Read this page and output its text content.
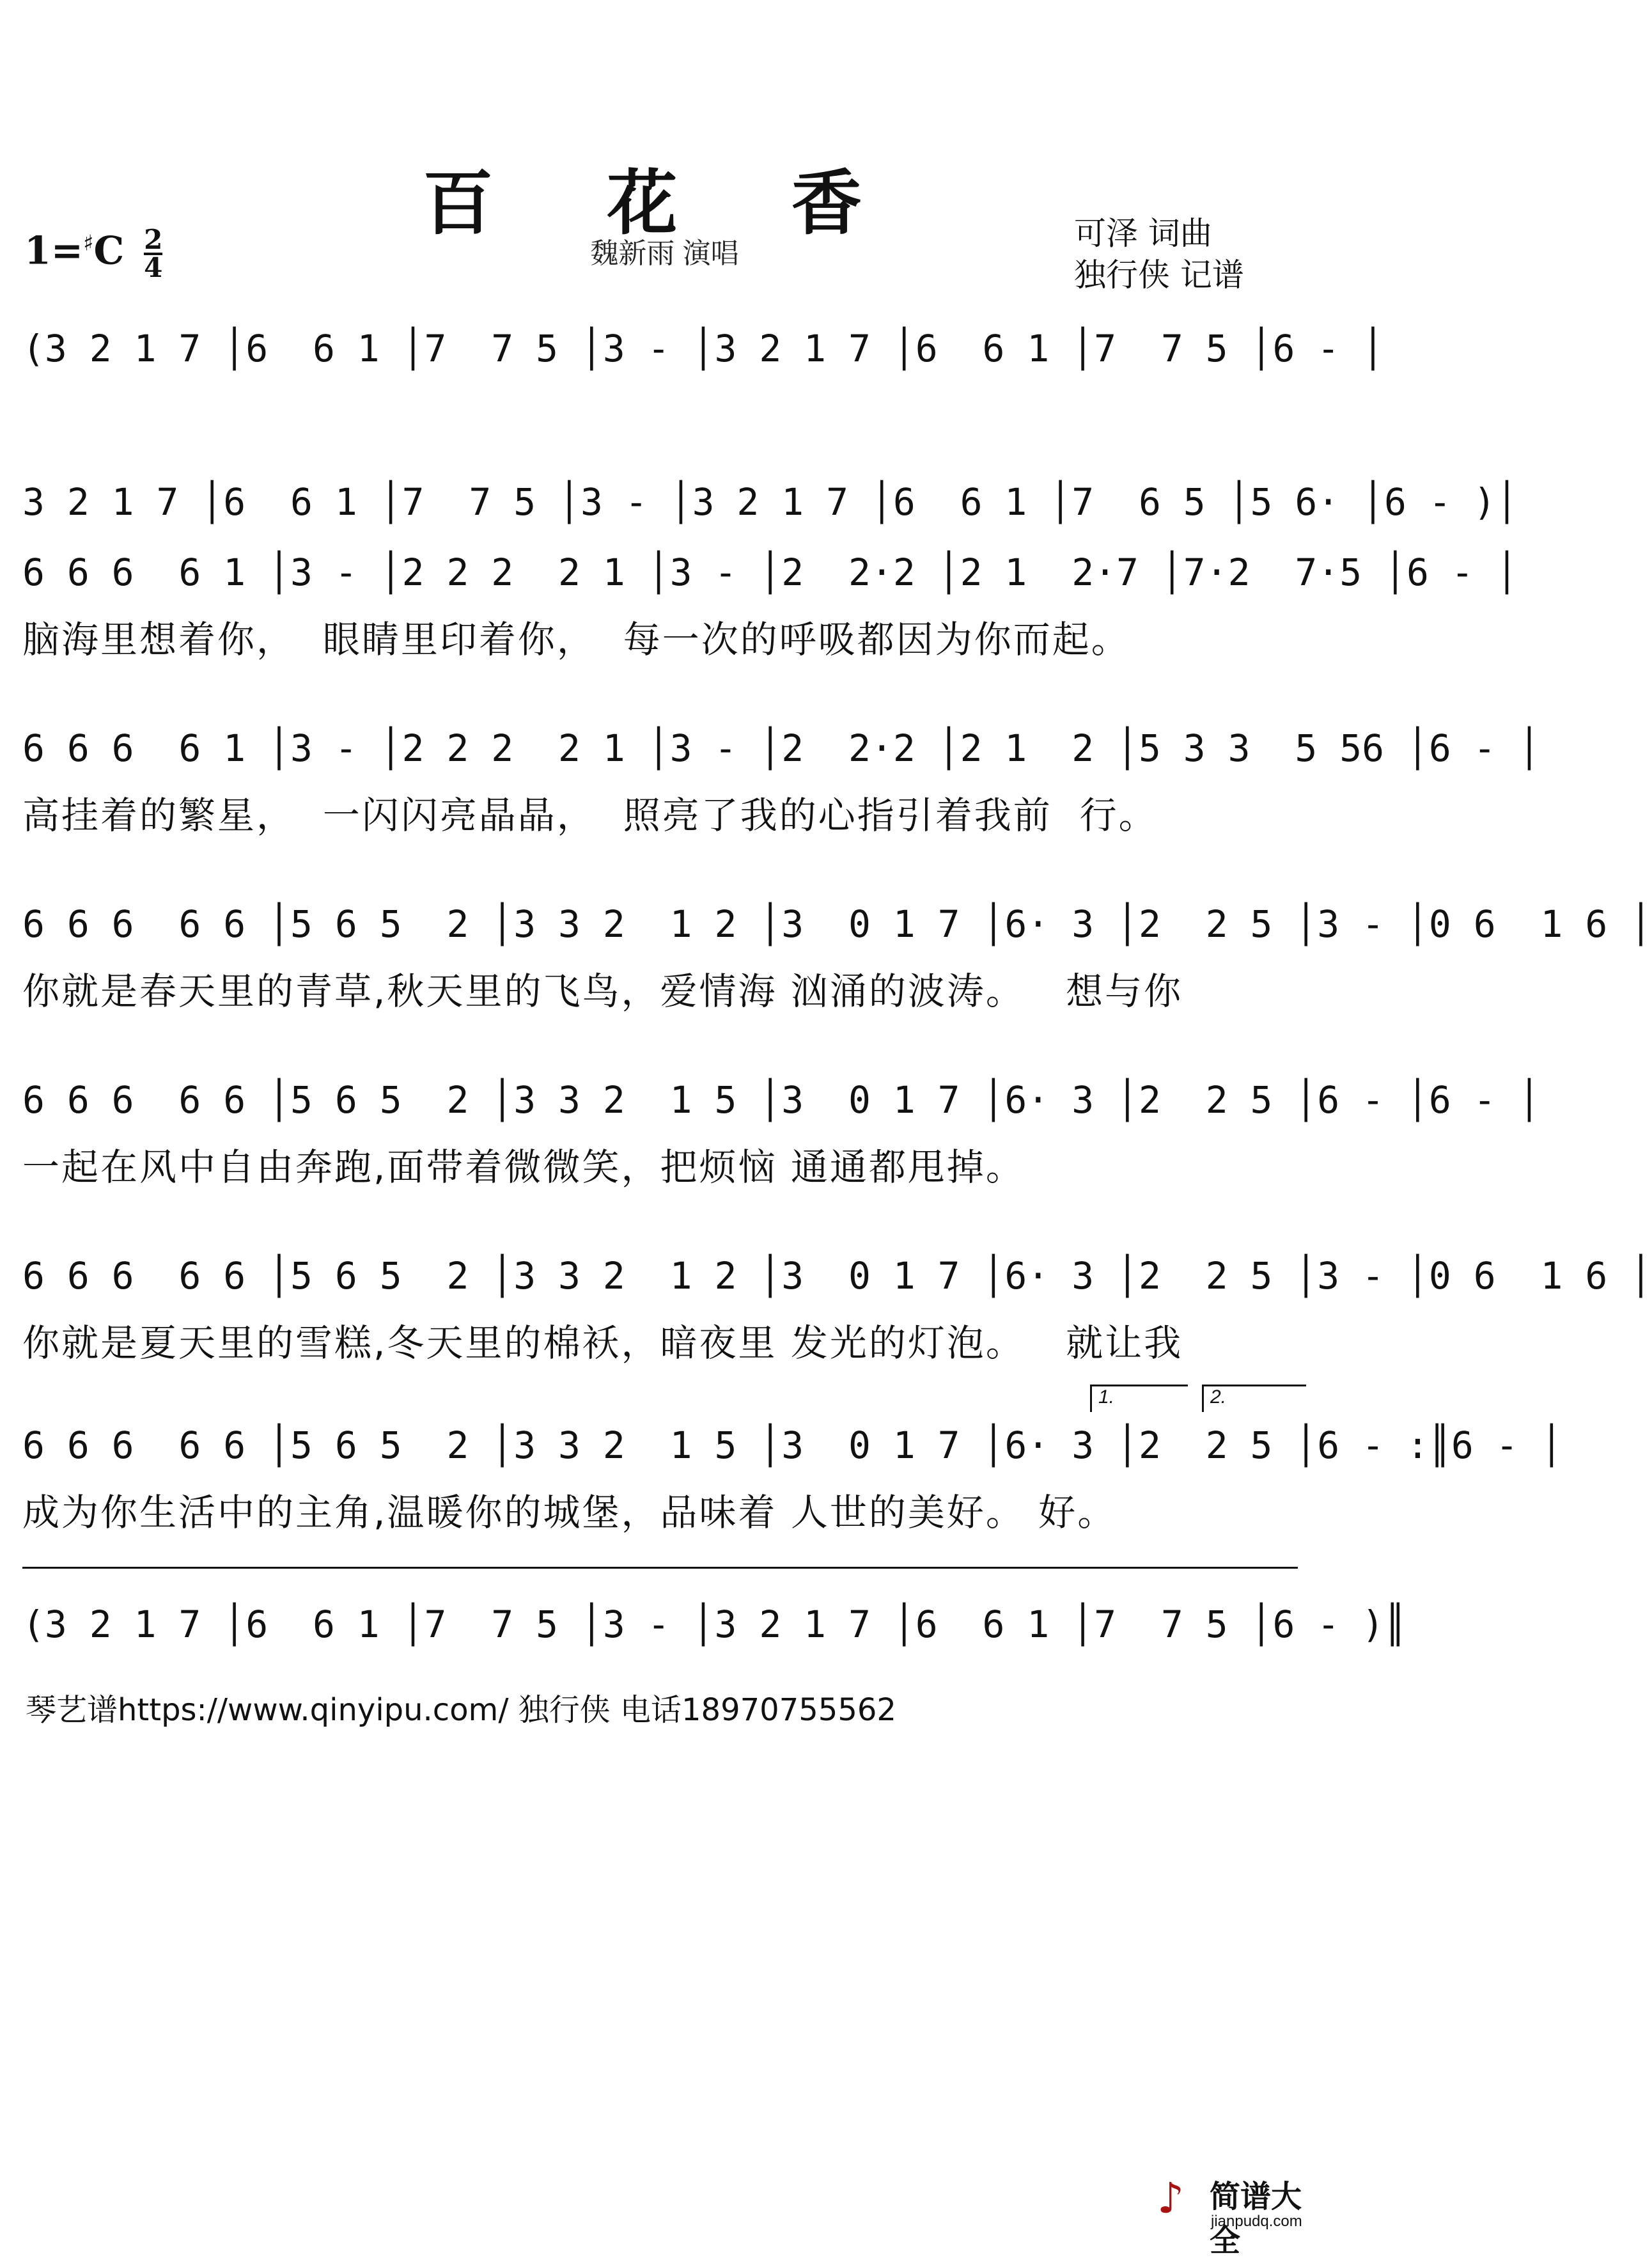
百 花 香
魏新雨 演唱
$1=^♯C \frac{2}{4}$	可泽 词曲
独行侠 记谱
(3 2 1 7 │6  6 1 │7  7 5 │3 - │3 2 1 7 │6  6 1 │7  7 5 │6 - │
3 2 1 7 │6  6 1 │7  7 5 │3 - │3 2 1 7 │6  6 1 │7  6 5 │5 6· │6 - )│
6 6 6  6 1 │3 - │2 2 2  2 1 │3 - │2  2·2 │2 1  2·7 │7·2  7·5 │6 - │
脑海里想着你，  眼睛里印着你，  每一次的呼吸都因为你而起。
6 6 6  6 1 │3 - │2 2 2  2 1 │3 - │2  2·2 │2 1  2 │5 3 3  5 56 │6 - │
高挂着的繁星，  一闪闪亮晶晶，  照亮了我的心指引着我前  行。
6 6 6  6 6 │5 6 5  2 │3 3 2  1 2 │3  0 1 7 │6· 3 │2  2 5 │3 - │0 6  1 6 │
你就是春天里的青草,秋天里的飞鸟，爱情海 汹涌的波涛。   想与你
6 6 6  6 6 │5 6 5  2 │3 3 2  1 5 │3  0 1 7 │6· 3 │2  2 5 │6 - │6 - │
一起在风中自由奔跑,面带着微微笑，把烦恼 通通都甩掉。
6 6 6  6 6 │5 6 5  2 │3 3 2  1 2 │3  0 1 7 │6· 3 │2  2 5 │3 - │0 6  1 6 │
你就是夏天里的雪糕,冬天里的棉袄，暗夜里 发光的灯泡。   就让我
1.	2.
6 6 6  6 6 │5 6 5  2 │3 3 2  1 5 │3  0 1 7 │6· 3 │2  2 5 │6 - :║6 - │
成为你生活中的主角,温暖你的城堡，品味着 人世的美好。 好。
(3 2 1 7 │6  6 1 │7  7 5 │3 - │3 2 1 7 │6  6 1 │7  7 5 │6 - )║
琴艺谱https://www.qinyipu.com/ 独行侠 电话18970755562
♪ 简谱大全
jianpudq.com
